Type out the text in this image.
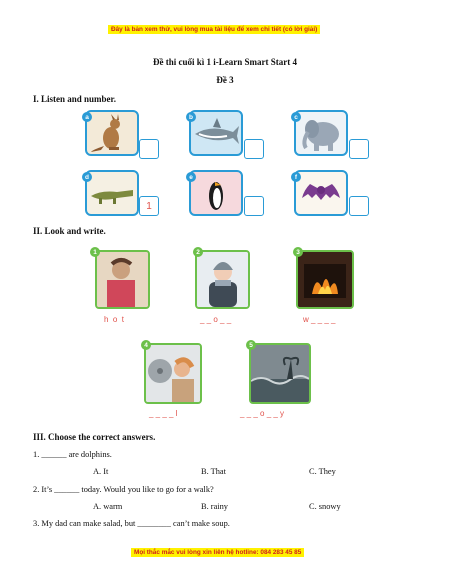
Đây là bản xem thử, vui lòng mua tài liệu để xem chi tiết (có lời giải)
Đề thi cuối kì 1 i-Learn Smart Start 4
Đề 3
I. Listen and number.
a	b	c
d
1
e	f
II. Look and write.
1
h  o  t
2
_ _ o _ _
3
w _ _ _ _
4
_ _ _ _ l
5
_ _ _ o _ _ y
III. Choose the correct answers.
1. ______ are dolphins.
A. It	B. That	C. They
2. It’s ______ today. Would you like to go for a walk?
A. warm	B. rainy	C. snowy
3. My dad can make salad, but ________ can’t make soup.
Mọi thắc mắc vui lòng xin liên hệ hotline: 084 283 45 85
